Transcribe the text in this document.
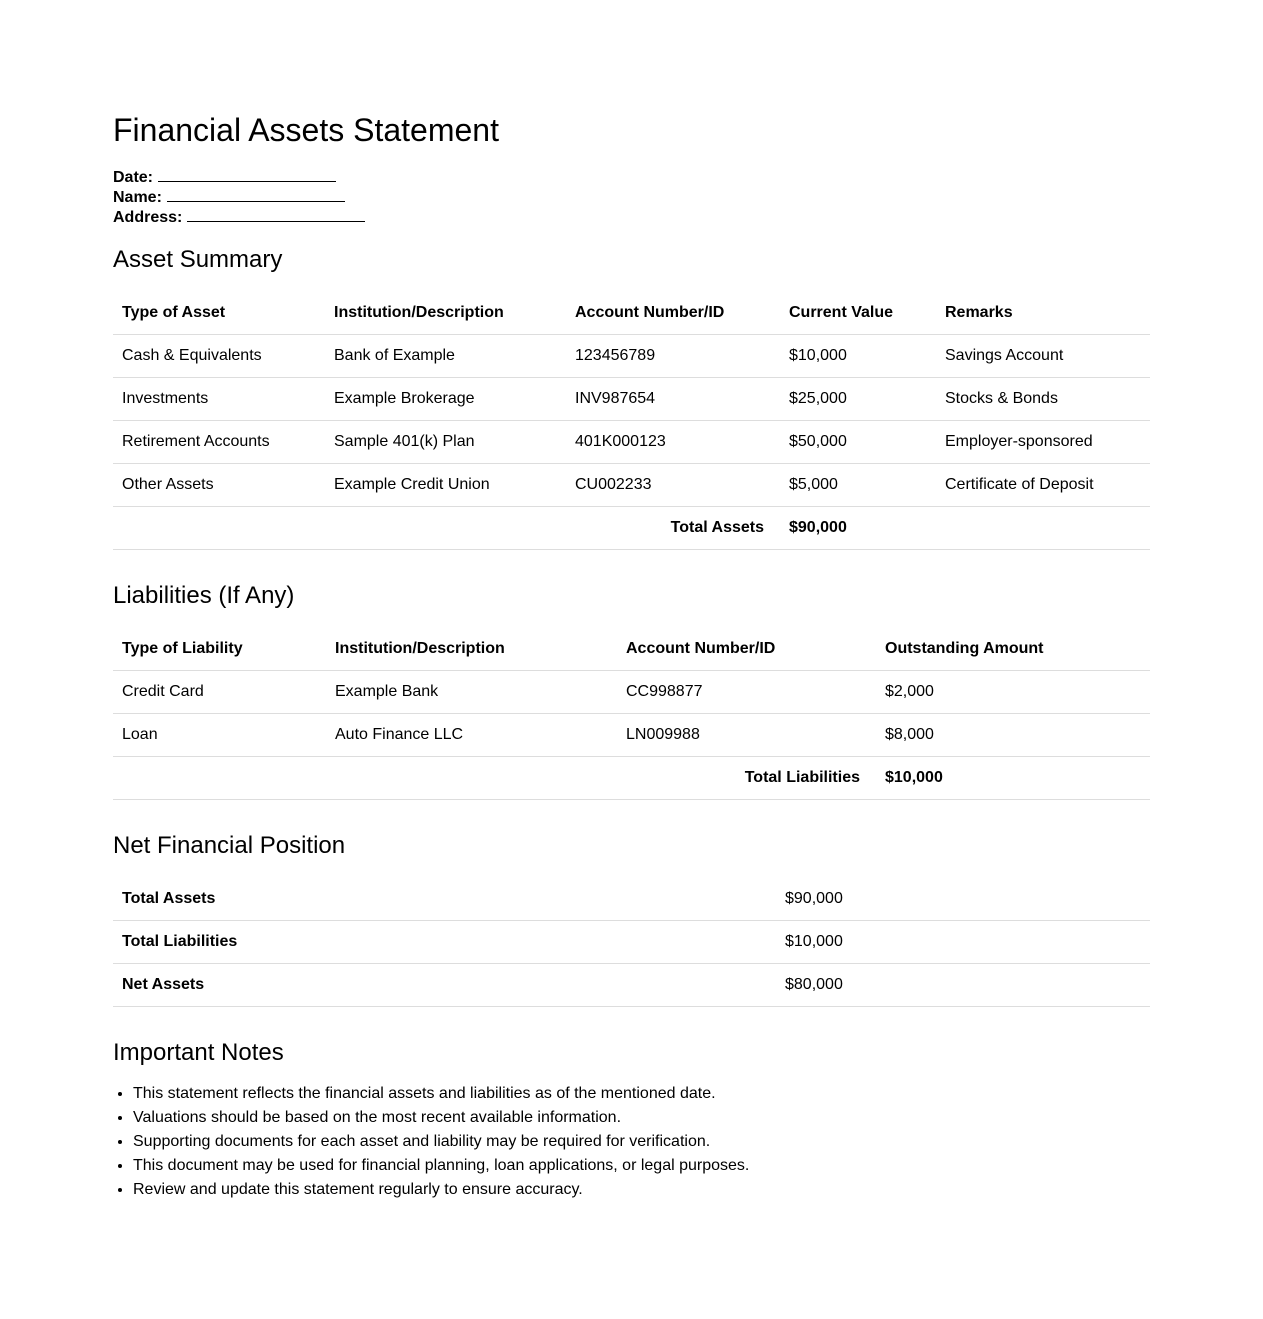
Financial Assets Statement
Date:
Name:
Address:
Asset Summary
Type of Asset	Institution/Description	Account Number/ID	Current Value	Remarks
Cash & Equivalents	Bank of Example	123456789	$10,000	Savings Account
Investments	Example Brokerage	INV987654	$25,000	Stocks & Bonds
Retirement Accounts	Sample 401(k) Plan	401K000123	$50,000	Employer-sponsored
Other Assets	Example Credit Union	CU002233	$5,000	Certificate of Deposit
Total Assets			$90,000	
Liabilities (If Any)
Type of Liability	Institution/Description	Account Number/ID	Outstanding Amount
Credit Card	Example Bank	CC998877	$2,000
Loan	Auto Finance LLC	LN009988	$8,000
Total Liabilities			$10,000
Net Financial Position
Total Assets	$90,000
Total Liabilities	$10,000
Net Assets	$80,000
Important Notes
• This statement reflects the financial assets and liabilities as of the mentioned date.
• Valuations should be based on the most recent available information.
• Supporting documents for each asset and liability may be required for verification.
• This document may be used for financial planning, loan applications, or legal purposes.
• Review and update this statement regularly to ensure accuracy.
